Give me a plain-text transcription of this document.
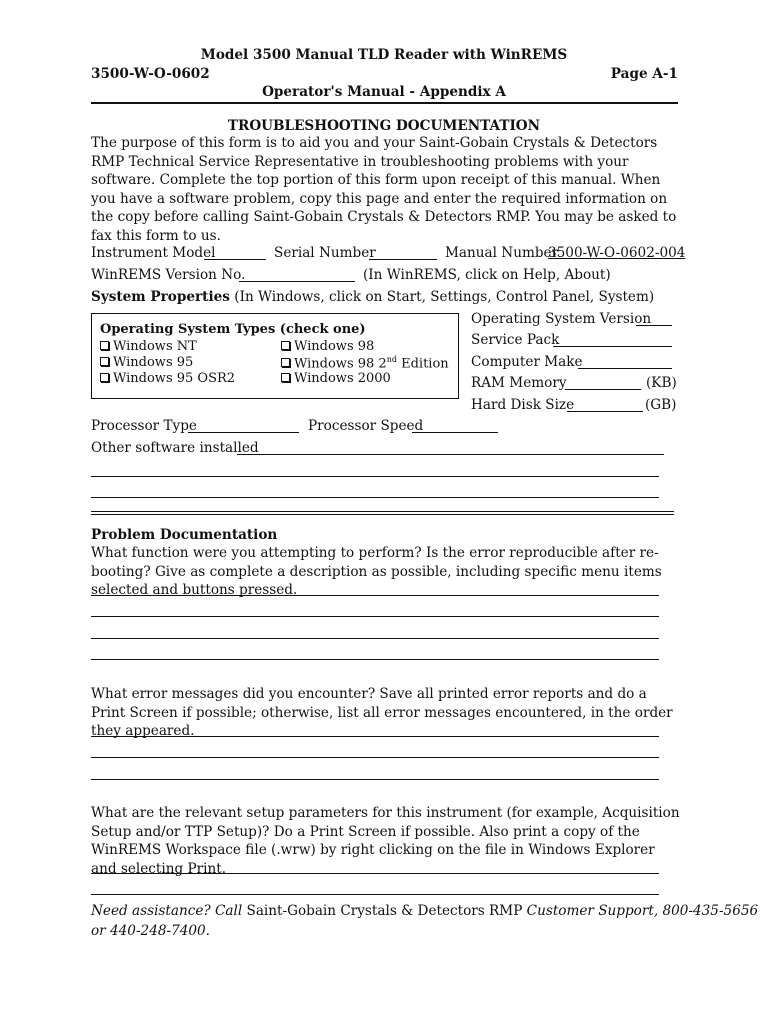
Model 3500 Manual TLD Reader with WinREMS
3500-W-O-0602	Page A-1
Operator's Manual - Appendix A
TROUBLESHOOTING DOCUMENTATION
The purpose of this form is to aid you and your Saint-Gobain Crystals & Detectors RMP Technical Service Representative in troubleshooting problems with your software. Complete the top portion of this form upon receipt of this manual. When you have a software problem, copy this page and enter the required information on the copy before calling Saint-Gobain Crystals & Detectors RMP. You may be asked to fax this form to us.
Instrument Model	Serial Number	Manual Number
3500-W-O-0602-004
WinREMS Version No.	(In WinREMS, click on Help, About)
System Properties (In Windows, click on Start, Settings, Control Panel, System)
Operating System Types (check one)
Windows NT
Windows 95
Windows 95 OSR2
Windows 98
Windows 98 2nd Edition
Windows 2000
Operating System Version
Service Pack
Computer Make
RAM Memory	(KB)
Hard Disk Size	(GB)
Processor Type	Processor Speed
Other software installed
Problem Documentation
What function were you attempting to perform? Is the error reproducible after re-booting? Give as complete a description as possible, including specific menu items selected and buttons pressed.
What error messages did you encounter? Save all printed error reports and do a Print Screen if possible; otherwise, list all error messages encountered, in the order they appeared.
What are the relevant setup parameters for this instrument (for example, Acquisition Setup and/or TTP Setup)? Do a Print Screen if possible. Also print a copy of the WinREMS Workspace file (.wrw) by right clicking on the file in Windows Explorer and selecting Print.
Need assistance? Call Saint-Gobain Crystals & Detectors RMP Customer Support, 800-435-5656
or 440-248-7400.
